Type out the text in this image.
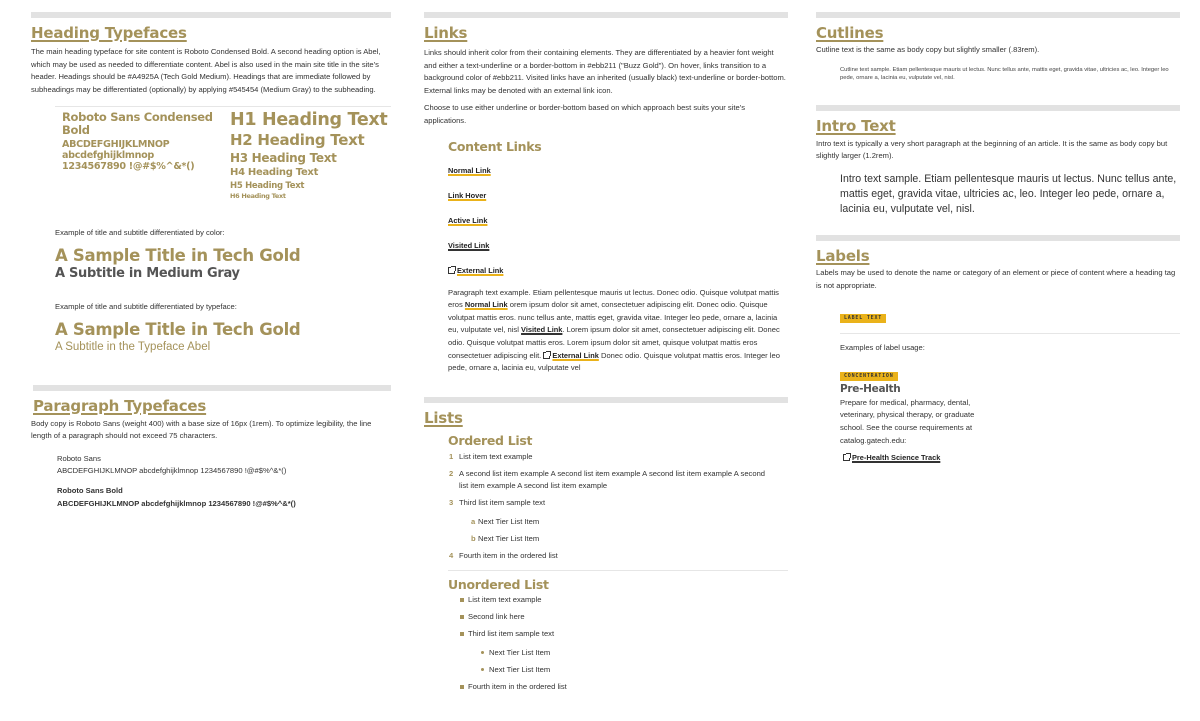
Heading Typefaces

The main heading typeface for site content is Roboto Condensed Bold. A second heading option is Abel, which may be used as needed to differentiate content. Abel is also used in the main site title in the site's header. Headings should be #A4925A (Tech Gold Medium). Headings that are immediate followed by subheadings may be differentiated (optionally) by applying #545454 (Medium Gray) to the subheading.

Roboto Sans Condensed
Bold
ABCDEFGHIJKLMNOP
abcdefghijklmnop
1234567890 !@#$%^&*()
H1 Heading Text
H2 Heading Text
H3 Heading Text
H4 Heading Text
H5 Heading Text
H6 Heading Text
Example of title and subtitle differentiated by color:
A Sample Title in Tech Gold
A Subtitle in Medium Gray
Example of title and subtitle differentiated by typeface:
A Sample Title in Tech Gold
A Subtitle in the Typeface Abel
Paragraph Typefaces

Body copy is Roboto Sans (weight 400) with a base size of 16px (1rem). To optimize legibility, the line length of a paragraph should not exceed 75 characters.

Roboto Sans
ABCDEFGHIJKLMNOP abcdefghijklmnop 1234567890 !@#$%^&*()
Roboto Sans Bold
ABCDEFGHIJKLMNOP abcdefghijklmnop 1234567890 !@#$%^&*()
Links

Links should inherit color from their containing elements. They are differentiated by a heavier font weight and either a text-underline or a border-bottom in #ebb211 ("Buzz Gold"). On hover, links transition to a background color of #ebb211. Visited links have an inherited (usually black) text-underline or border-bottom. External links may be denoted with an external link icon.

Choose to use either underline or border-bottom based on which approach best suits your site's applications.

Content Links
Normal Link
Link Hover
Active Link
Visited Link
External Link

Paragraph text example. Etiam pellentesque mauris ut lectus. Donec odio. Quisque volutpat mattis eros Normal Link orem ipsum dolor sit amet, consectetuer adipiscing elit. Donec odio. Quisque volutpat mattis eros. nunc tellus ante, mattis eget, gravida vitae. Integer leo pede, ornare a, lacinia eu, vulputate vel, nisl Visited Link. Lorem ipsum dolor sit amet, consectetuer adipiscing elit. Donec odio. Quisque volutpat mattis eros. Lorem ipsum dolor sit amet, quisque volutpat mattis eros consectetuer adipiscing elit. External Link Donec odio. Quisque volutpat mattis eros. Integer leo pede, ornare a, lacinia eu, vulputate vel

Lists
Ordered List
1 List item text example
2 A second list item example A second list item example A second list item example A second list item example A second list item example
3 Third list item sample text
a Next Tier List Item
b Next Tier List Item
4 Fourth item in the ordered list
Unordered List
List item text example
Second link here
Third list item sample text
Next Tier List Item
Next Tier List Item
Fourth item in the ordered list
Cutlines

Cutline text is the same as body copy but slightly smaller (.83rem).

Cutline text sample. Etiam pellentesque mauris ut lectus. Nunc tellus ante, mattis eget, gravida vitae, ultricies ac, leo. Integer leo pede, ornare a, lacinia eu, vulputate vel, nisl.

Intro Text

Intro text is typically a very short paragraph at the beginning of an article. It is the same as body copy but slightly larger (1.2rem).

Intro text sample. Etiam pellentesque mauris ut lectus. Nunc tellus ante, mattis eget, gravida vitae, ultricies ac, leo. Integer leo pede, ornare a, lacinia eu, vulputate vel, nisl.

Labels

Labels may be used to denote the name or category of an element or piece of content where a heading tag is not appropriate.

LABEL TEXT
Examples of label usage:
CONCENTRATION
Pre-Health

Prepare for medical, pharmacy, dental, veterinary, physical therapy, or graduate school. See the course requirements at catalog.gatech.edu:

Pre-Health Science Track
